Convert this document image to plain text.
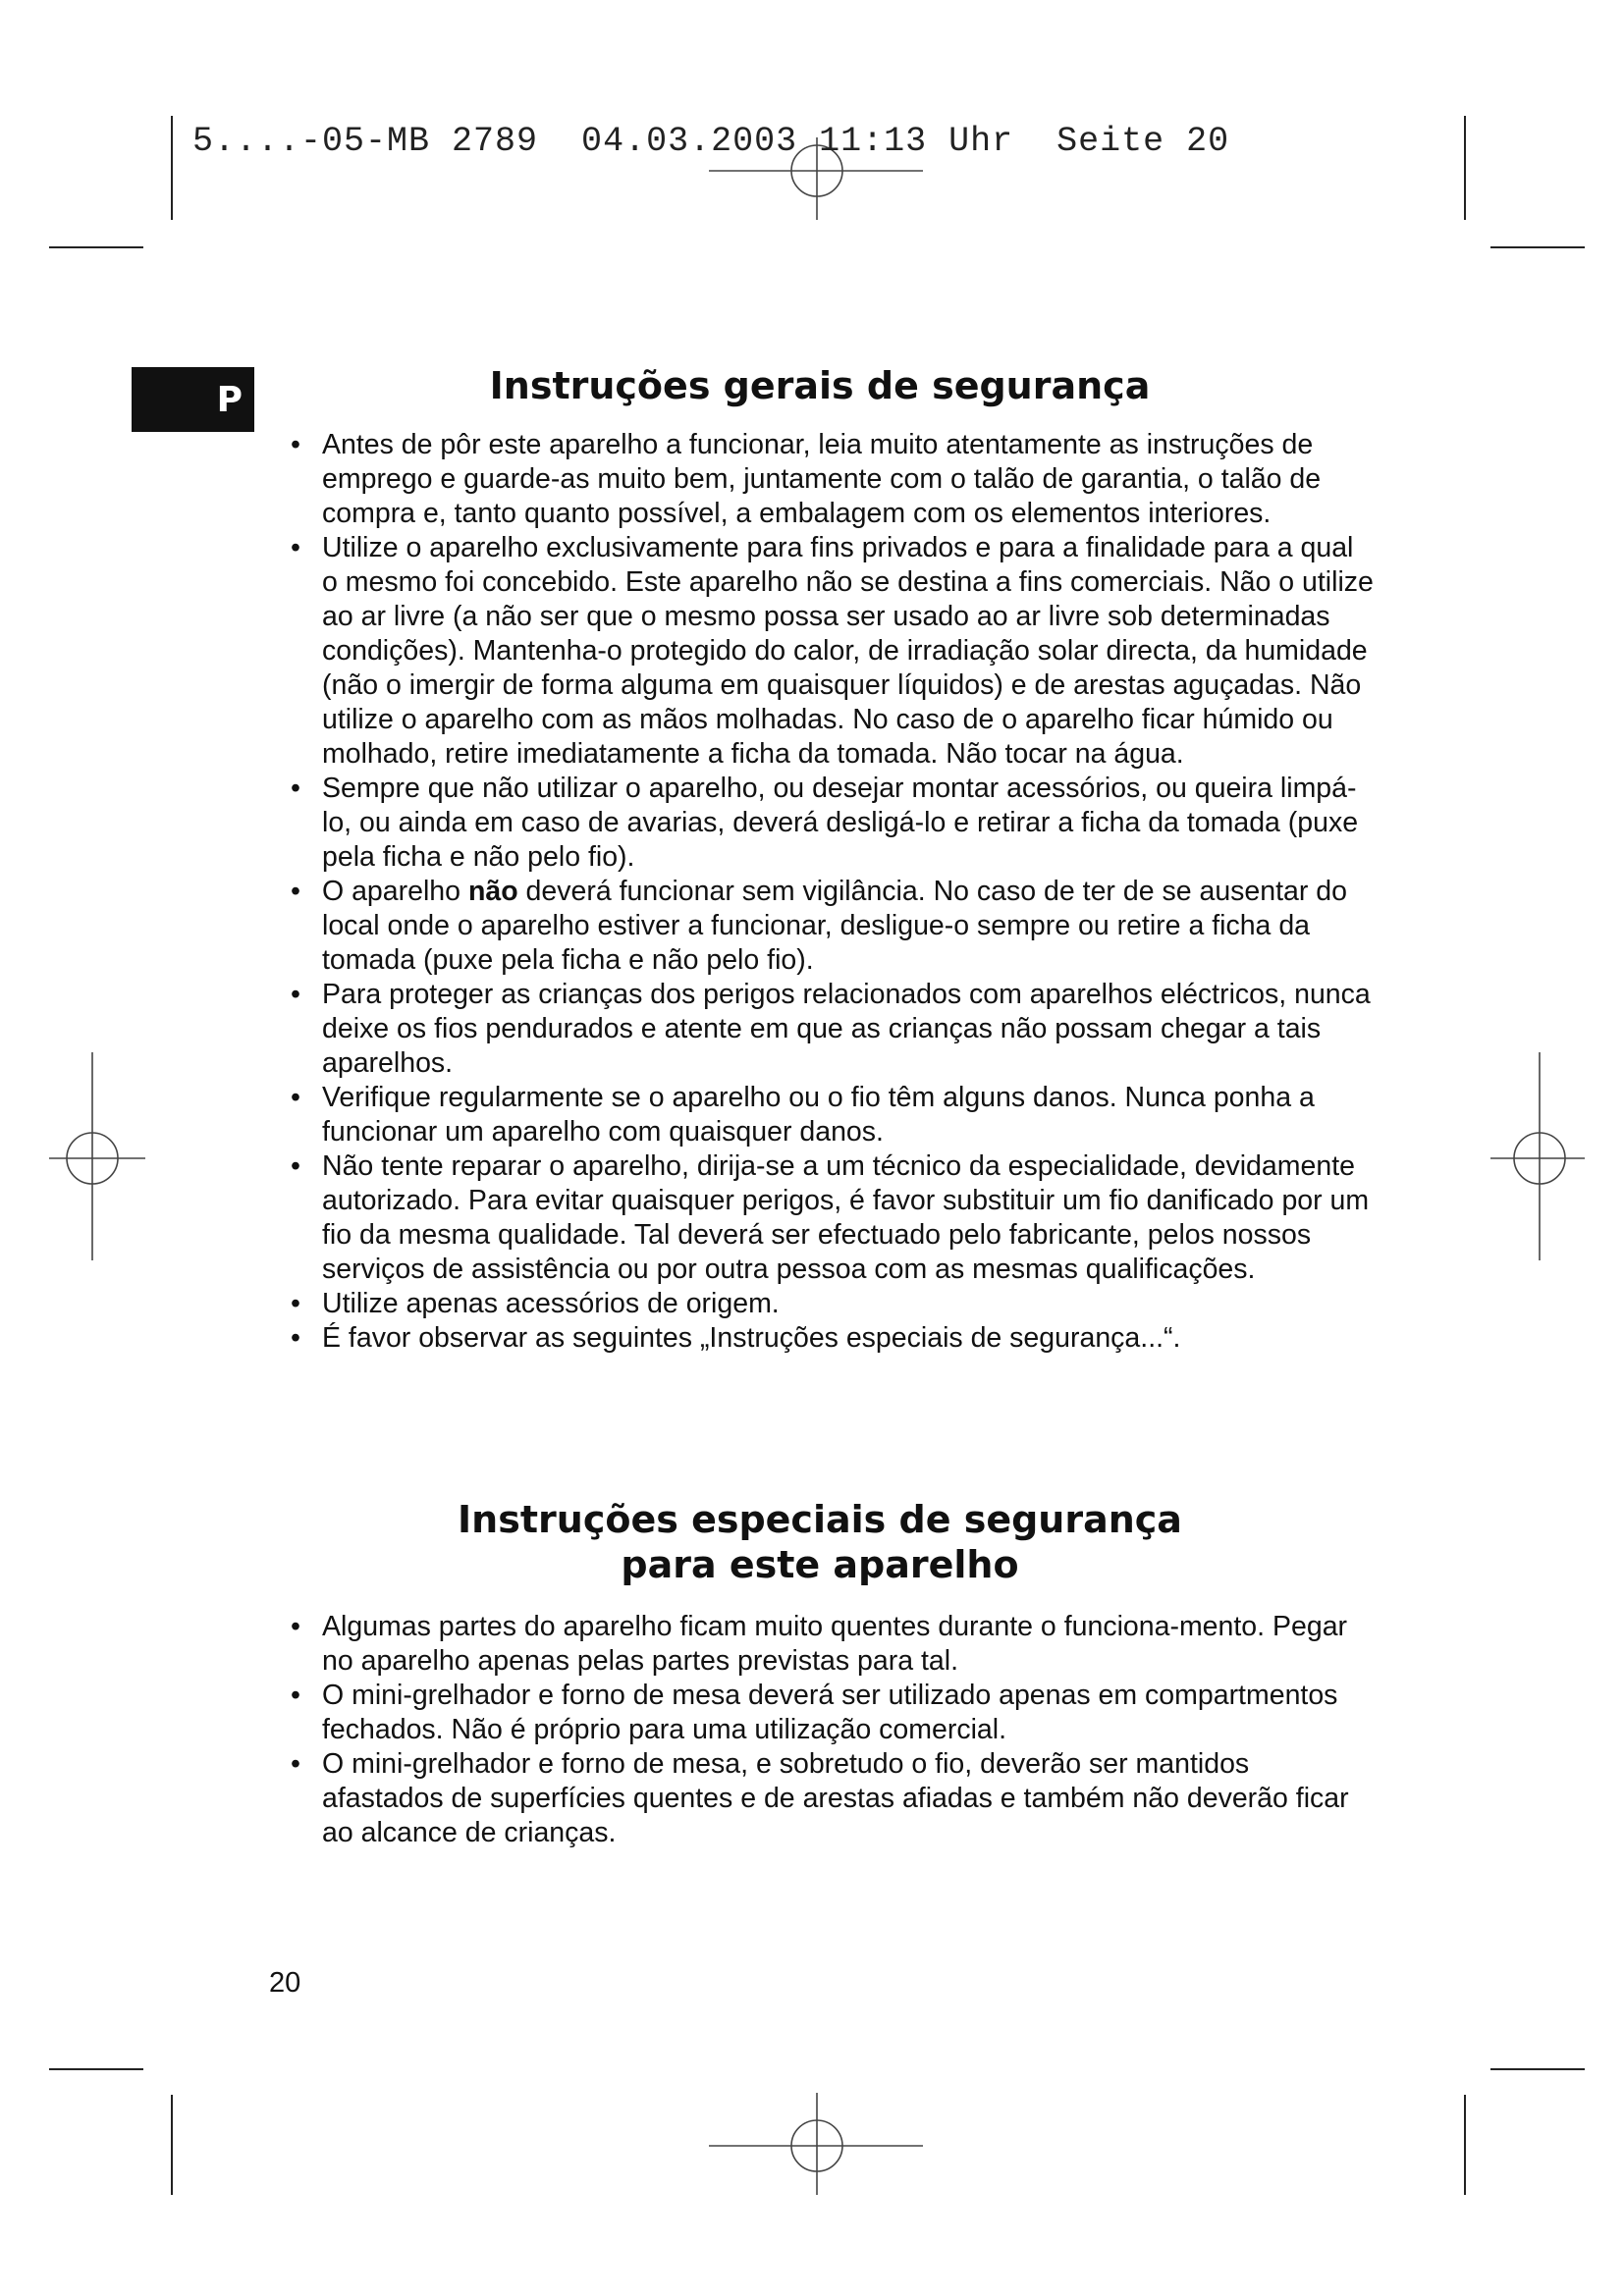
5....-05-MB 2789  04.03.2003 11:13 Uhr  Seite 20
P	Instruções gerais de segurança
• Antes de pôr este aparelho a funcionar, leia muito atentamente as instruções de emprego e guarde-as muito bem, juntamente com o talão de garantia, o talão de compra e, tanto quanto possível, a embalagem com os elementos interiores.
• Utilize o aparelho exclusivamente para fins privados e para a finalidade para a qual o mesmo foi concebido. Este aparelho não se destina a fins comerciais. Não o utilize ao ar livre (a não ser que o mesmo possa ser usado ao ar livre sob determinadas condições). Mantenha-o protegido do calor, de irradiação solar directa, da humidade (não o imergir de forma alguma em quaisquer líquidos) e de arestas aguçadas. Não utilize o aparelho com as mãos molhadas. No caso de o aparelho ficar húmido ou molhado, retire imediatamente a ficha da tomada. Não tocar na água.
• Sempre que não utilizar o aparelho, ou desejar montar acessórios, ou queira limpá-lo, ou ainda em caso de avarias, deverá desligá-lo e retirar a ficha da tomada (puxe pela ficha e não pelo fio).
• O aparelho não deverá funcionar sem vigilância. No caso de ter de se ausentar do local onde o aparelho estiver a funcionar, desligue-o sempre ou retire a ficha da tomada (puxe pela ficha e não pelo fio).
• Para proteger as crianças dos perigos relacionados com aparelhos eléctricos, nunca deixe os fios pendurados e atente em que as crianças não possam chegar a tais aparelhos.
• Verifique regularmente se o aparelho ou o fio têm alguns danos. Nunca ponha a funcionar um aparelho com quaisquer danos.
• Não tente reparar o aparelho, dirija-se a um técnico da especialidade, devidamente autorizado. Para evitar quaisquer perigos, é favor substituir um fio danificado por um fio da mesma qualidade. Tal deverá ser efectuado pelo fabricante, pelos nossos serviços de assistência ou por outra pessoa com as mesmas qualificações.
• Utilize apenas acessórios de origem.
• É favor observar as seguintes „Instruções especiais de segurança...“.
Instruções especiais de segurança
para este aparelho
• Algumas partes do aparelho ficam muito quentes durante o funciona-mento. Pegar no aparelho apenas pelas partes previstas para tal.
• O mini-grelhador e forno de mesa deverá ser utilizado apenas em compartmentos fechados. Não é próprio para uma utilização comercial.
• O mini-grelhador e forno de mesa, e sobretudo o fio, deverão ser mantidos afastados de superfícies quentes e de arestas afiadas e também não deverão ficar ao alcance de crianças.
20
